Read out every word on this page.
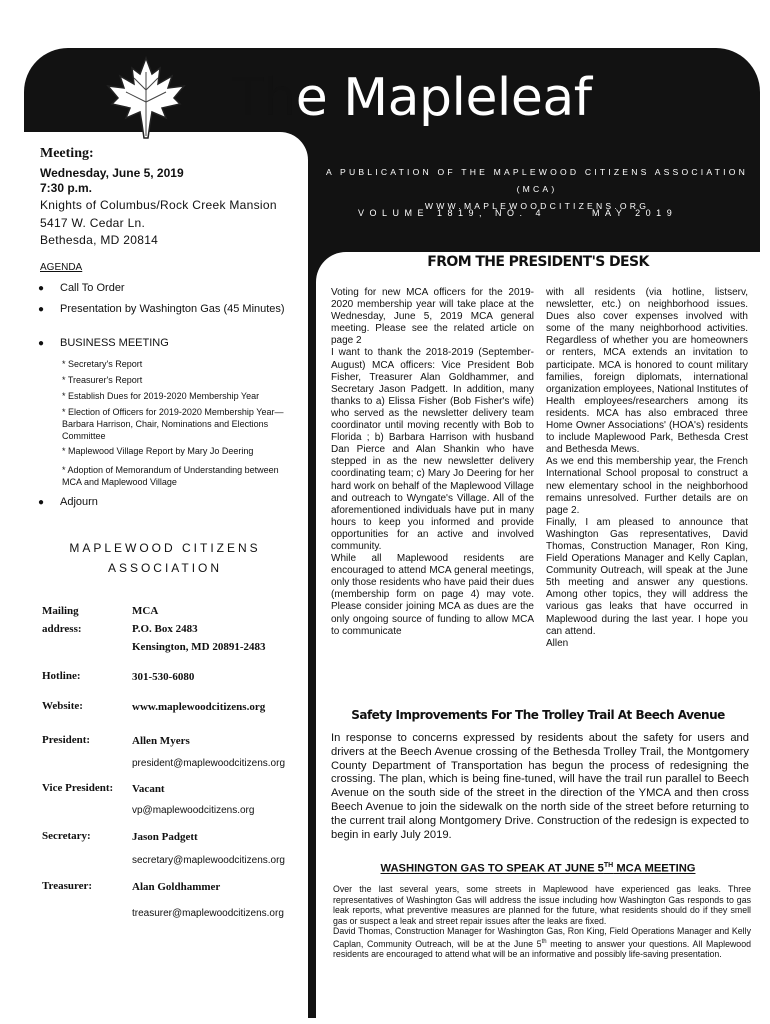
The Mapleleaf
A PUBLICATION OF THE MAPLEWOOD CITIZENS ASSOCIATION (MCA)
WWW.MAPLEWOODCITIZENS.ORG
VOLUME 1819, NO. 4	MAY 2019
Meeting:
Wednesday, June 5, 2019
7:30 p.m.
Knights of Columbus/Rock Creek Mansion
5417 W. Cedar Ln.
Bethesda, MD 20814
AGENDA
● Call To Order
● Presentation by Washington Gas (45 Minutes)
● BUSINESS MEETING
* Secretary's Report
* Treasurer's Report
* Establish Dues for 2019-2020 Membership Year
* Election of Officers for 2019-2020 Membership Year—Barbara Harrison, Chair, Nominations and Elections Committee
* Maplewood Village Report by Mary Jo Deering
* Adoption of Memorandum of Understanding between MCA and Maplewood Village
● Adjourn
MAPLEWOOD CITIZENS ASSOCIATION
Mailing address:
MCA
P.O. Box 2483
Kensington, MD 20891-2483
Hotline:	301-530-6080
Website:	www.maplewoodcitizens.org
President:	Allen Myers
president@maplewoodcitizens.org
Vice President: Vacant
vp@maplewoodcitizens.org
Secretary:	Jason Padgett
secretary@maplewoodcitizens.org
Treasurer:	Alan Goldhammer
treasurer@maplewoodcitizens.org
FROM THE PRESIDENT'S DESK

Voting for new MCA officers for the 2019-2020 membership year will take place at the Wednesday, June 5, 2019 MCA general meeting. Please see the related article on page 2

I want to thank the 2018-2019 (September-August) MCA officers: Vice President Bob Fisher, Treasurer Alan Goldhammer, and Secretary Jason Padgett. In addition, many thanks to a) Elissa Fisher (Bob Fisher's wife) who served as the newsletter delivery team coordinator until moving recently with Bob to Florida ; b) Barbara Harrison with husband Dan Pierce and Alan Shankin who have stepped in as the new newsletter delivery coordinating team; c) Mary Jo Deering for her hard work on behalf of the Maplewood Village and outreach to Wyngate's Village. All of the aforementioned individuals have put in many hours to keep you informed and provide opportunities for an active and involved community.

While all Maplewood residents are encouraged to attend MCA general meetings, only those residents who have paid their dues (membership form on page 4) may vote. Please consider joining MCA as dues are the only ongoing source of funding to allow MCA to communicate

with all residents (via hotline, listserv, newsletter, etc.) on neighborhood issues. Dues also cover expenses involved with some of the many neighborhood activities. Regardless of whether you are homeowners or renters, MCA extends an invitation to participate. MCA is honored to count military families, foreign diplomats, international organization employees, National Institutes of Health employees/researchers among its residents. MCA has also embraced three Home Owner Associations' (HOA's) residents to include Maplewood Park, Bethesda Crest and Bethesda Mews.

As we end this membership year, the French International School proposal to construct a new elementary school in the neighborhood remains unresolved. Further details are on page 2.

Finally, I am pleased to announce that Washington Gas representatives, David Thomas, Construction Manager, Ron King, Field Operations Manager and Kelly Caplan, Community Outreach, will speak at the June 5th meeting and answer any questions. Among other topics, they will address the various gas leaks that have occurred in Maplewood during the last year. I hope you can attend.

Allen

Safety Improvements For The Trolley Trail At Beech Avenue
In response to concerns expressed by residents about the safety for users and drivers at the Beech Avenue crossing of the Bethesda Trolley Trail, the Montgomery County Department of Transportation has begun the process of redesigning the crossing. The plan, which is being fine-tuned, will have the trail run parallel to Beech Avenue on the south side of the street in the direction of the YMCA and then cross Beech Avenue to join the sidewalk on the north side of the street before returning to the current trail along Montgomery Drive. Construction of the redesign is expected to begin in early July 2019.
WASHINGTON GAS TO SPEAK AT JUNE 5TH MCA MEETING

Over the last several years, some streets in Maplewood have experienced gas leaks. Three representatives of Washington Gas will address the issue including how Washington Gas responds to gas leak reports, what preventive measures are planned for the future, what residents should do if they smell gas or suspect a leak and street repair issues after the leaks are fixed.

David Thomas, Construction Manager for Washington Gas, Ron King, Field Operations Manager and Kelly Caplan, Community Outreach, will be at the June 5th meeting to answer your questions. All Maplewood residents are encouraged to attend what will be an informative and possibly life-saving presentation.
